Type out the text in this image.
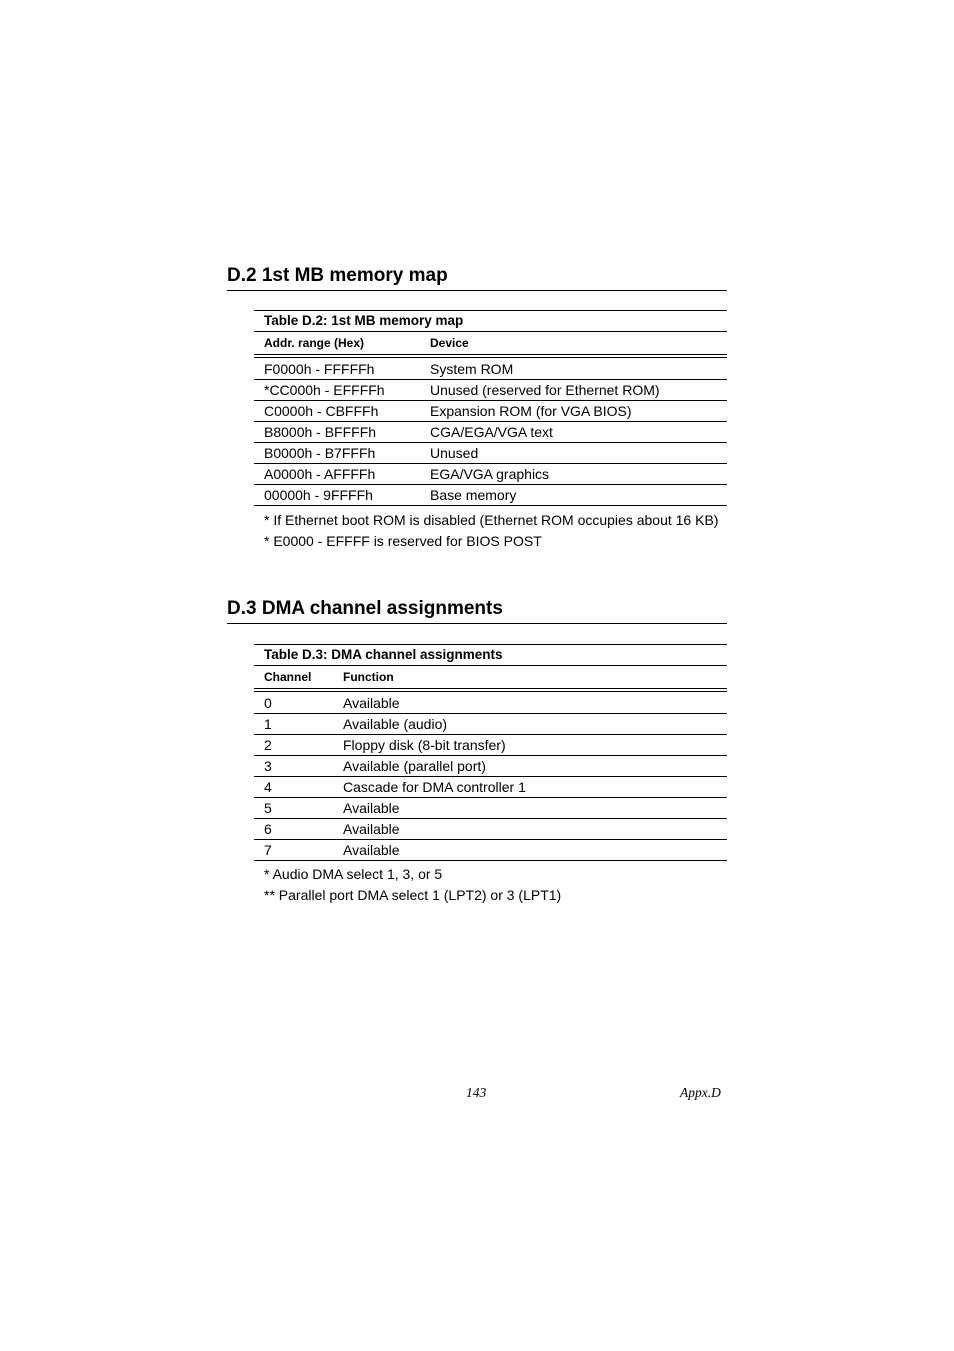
D.2 1st MB memory map
Table D.2: 1st MB memory map
Addr. range (Hex)	Device
F0000h - FFFFFh	System ROM
*CC000h - EFFFFh	Unused (reserved for Ethernet ROM)
C0000h - CBFFFh	Expansion ROM (for VGA BIOS)
B8000h - BFFFFh	CGA/EGA/VGA text
B0000h - B7FFFh	Unused
A0000h - AFFFFh	EGA/VGA graphics
00000h - 9FFFFh	Base memory
* If Ethernet boot ROM is disabled (Ethernet ROM occupies about 16 KB)
* E0000 - EFFFF is reserved for BIOS POST
D.3 DMA channel assignments
Table D.3: DMA channel assignments
Channel	Function
0	Available
1	Available (audio)
2	Floppy disk (8-bit transfer)
3	Available (parallel port)
4	Cascade for DMA controller 1
5	Available
6	Available
7	Available
* Audio DMA select 1, 3, or 5
** Parallel port DMA select 1 (LPT2) or 3 (LPT1)
143	Appx.D
